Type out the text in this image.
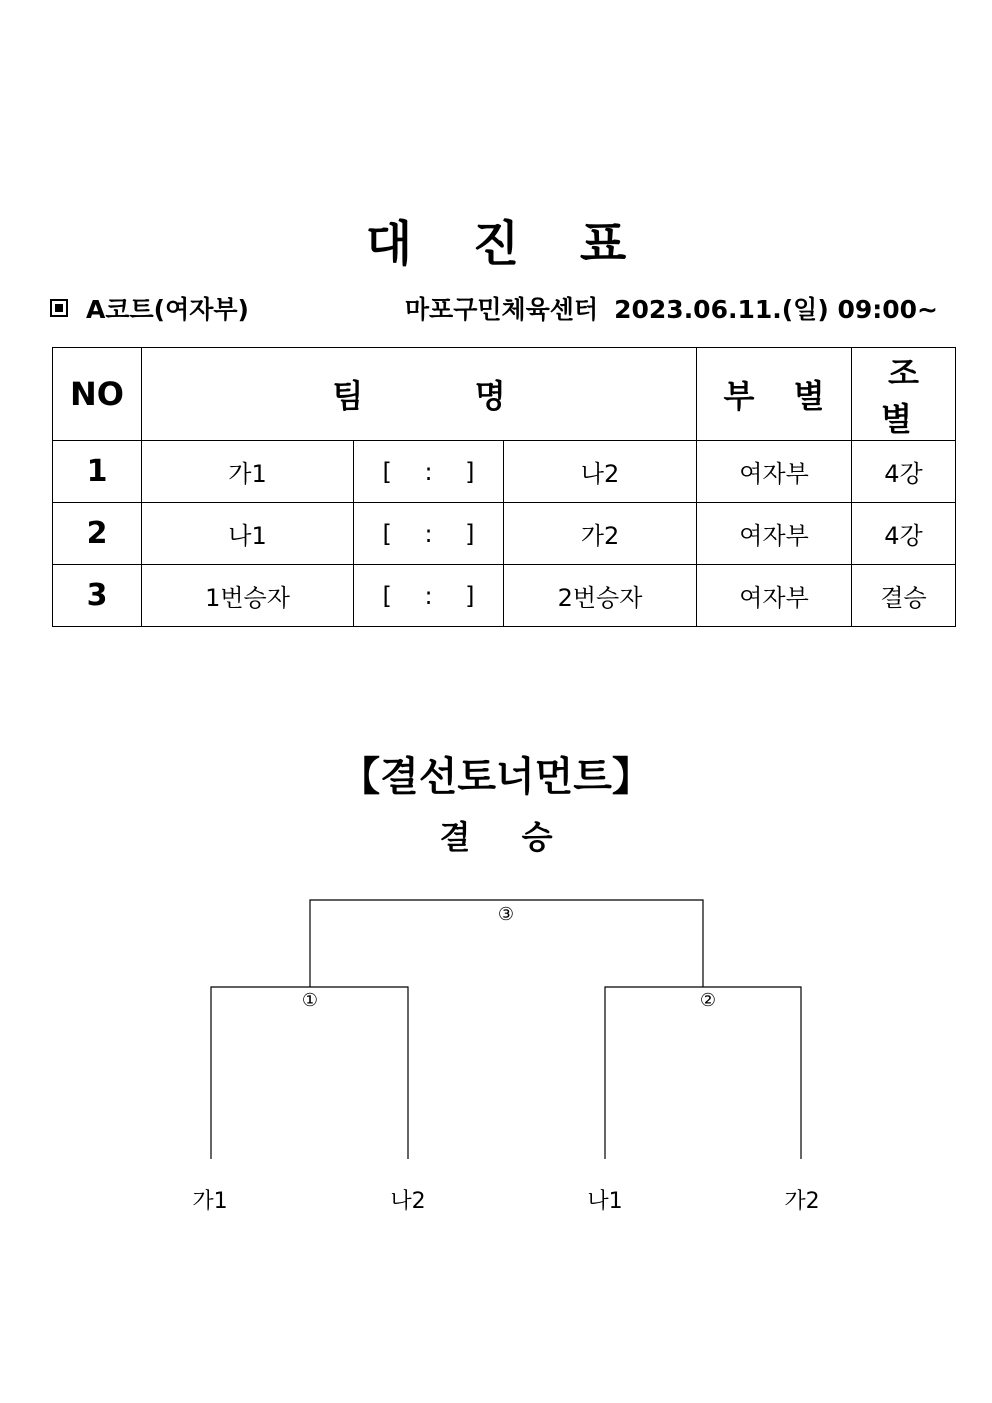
대 진 표
A코트(여자부)	마포구민체육센터 2023.06.11.(일) 09:00~
NO	팀          명			부 별	조 별
1	가1	[ : ]	나2	여자부	4강
2	나1	[ : ]	가2	여자부	4강
3	1번승자	[ : ]	2번승자	여자부	결승
【결선토너먼트】
결 승
③
①	②
가1	나2	나1	가2
